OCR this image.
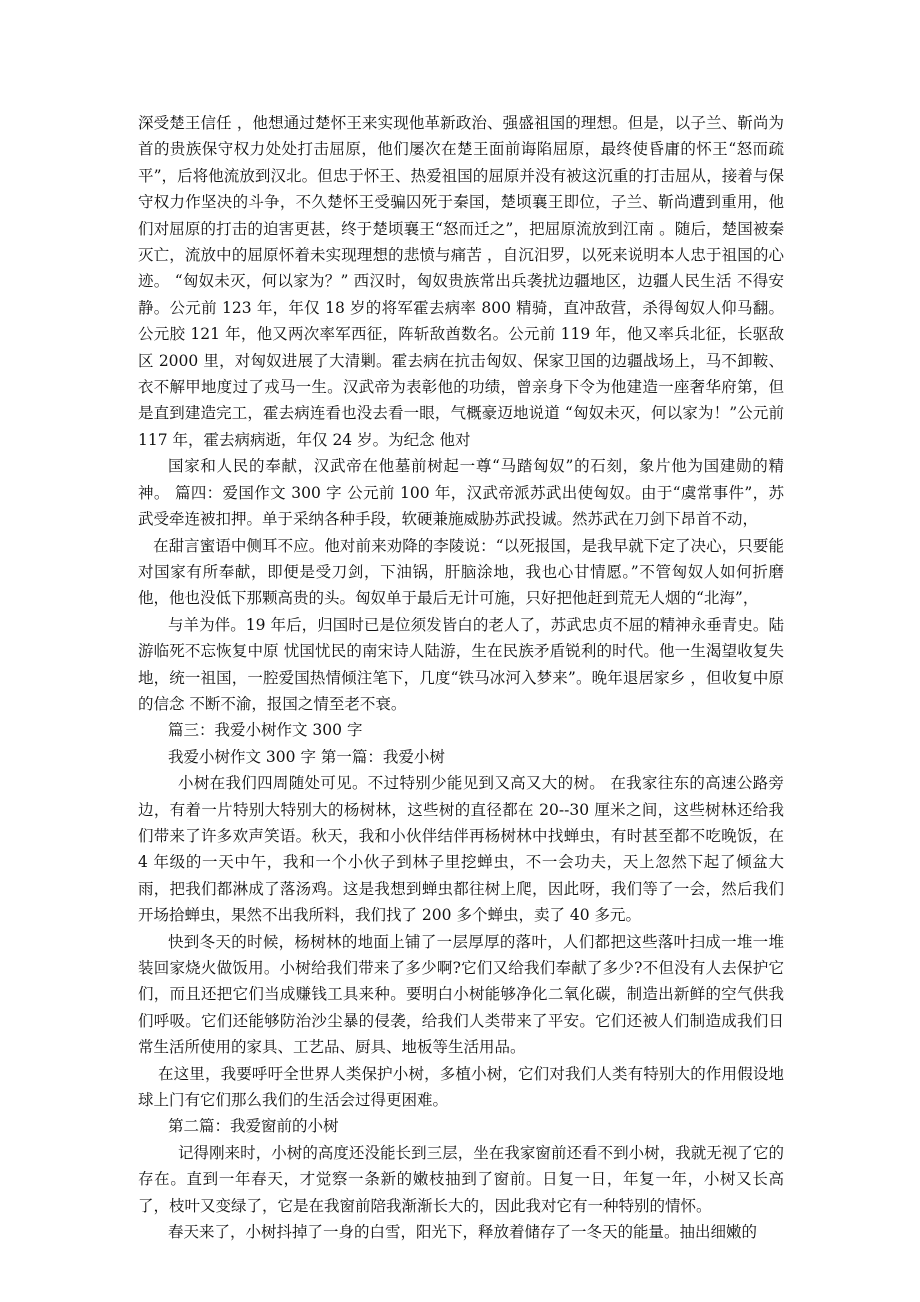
深受楚王信任 ，他想通过楚怀王来实现他革新政治、强盛祖国的理想。但是，以子兰、靳尚为首的贵族保守权力处处打击屈原，他们屡次在楚王面前诲陷屈原，最终使昏庸的怀王“怒而疏平”，后将他流放到汉北。但忠于怀王、热爱祖国的屈原并没有被这沉重的打击屈从，接着与保守权力作坚决的斗争，不久楚怀王受骗囚死于秦国，楚顷襄王即位，子兰、靳尚遭到重用，他们对屈原的打击的迫害更甚，终于楚顷襄王“怒而迁之”，把屈原流放到江南 。随后，楚国被秦灭亡，流放中的屈原怀着未实现理想的悲愤与痛苦 ，自沉汨罗，以死来说明本人忠于祖国的心迹。 “匈奴未灭，何以家为？” 西汉时，匈奴贵族常出兵袭扰边疆地区，边疆人民生活 不得安静。公元前 123 年，年仅 18 岁的将军霍去病率 800 精骑，直冲敌营，杀得匈奴人仰马翻。公元胶 121 年，他又两次率军西征，阵斩敌酋数名。公元前 119 年，他又率兵北征，长驱敌区 2000 里，对匈奴进展了大清剿。霍去病在抗击匈奴、保家卫国的边疆战场上，马不卸鞍、衣不解甲地度过了戎马一生。汉武帝为表彰他的功绩，曾亲身下令为他建造一座奢华府第，但是直到建造完工，霍去病连看也没去看一眼，气概豪迈地说道 “匈奴未灭，何以家为！”公元前 117 年，霍去病病逝，年仅 24 岁。为纪念 他对

国家和人民的奉献，汉武帝在他墓前树起一尊“马踏匈奴”的石刻，象片他为国建勋的精神。 篇四：爱国作文 300 字 公元前 100 年，汉武帝派苏武出使匈奴。由于“虞常事件”，苏武受牵连被扣押。单于采纳各种手段，软硬兼施威胁苏武投诚。然苏武在刀剑下昂首不动，

在甜言蜜语中侧耳不应。他对前来劝降的李陵说：“以死报国，是我早就下定了决心，只要能对国家有所奉献，即便是受刀剑，下油锅，肝脑涂地，我也心甘情愿。”不管匈奴人如何折磨他，他也没低下那颗高贵的头。匈奴单于最后无计可施，只好把他赶到荒无人烟的“北海”，

与羊为伴。19 年后，归国时已是位须发皆白的老人了，苏武忠贞不屈的精神永垂青史。陆游临死不忘恢复中原 忧国忧民的南宋诗人陆游，生在民族矛盾锐利的时代。他一生渴望收复失地，统一祖国，一腔爱国热情倾注笔下，几度“铁马冰河入梦来”。晚年退居家乡 ，但收复中原的信念 不断不渝，报国之情至老不衰。

篇三：我爱小树作文 300 字

我爱小树作文 300 字 第一篇：我爱小树

小树在我们四周随处可见。不过特别少能见到又高又大的树。 在我家往东的高速公路旁边，有着一片特别大特别大的杨树林，这些树的直径都在 20--30 厘米之间，这些树林还给我们带来了许多欢声笑语。秋天，我和小伙伴结伴再杨树林中找蝉虫，有时甚至都不吃晚饭，在 4 年级的一天中午，我和一个小伙子到林子里挖蝉虫，不一会功夫，天上忽然下起了倾盆大雨，把我们都淋成了落汤鸡。这是我想到蝉虫都往树上爬，因此呀，我们等了一会，然后我们开场拾蝉虫，果然不出我所料，我们找了 200 多个蝉虫，卖了 40 多元。

快到冬天的时候，杨树林的地面上铺了一层厚厚的落叶，人们都把这些落叶扫成一堆一堆装回家烧火做饭用。小树给我们带来了多少啊?它们又给我们奉献了多少?不但没有人去保护它们，而且还把它们当成赚钱工具来种。要明白小树能够净化二氧化碳，制造出新鲜的空气供我们呼吸。它们还能够防治沙尘暴的侵袭，给我们人类带来了平安。它们还被人们制造成我们日常生活所使用的家具、工艺品、厨具、地板等生活用品。

在这里，我要呼吁全世界人类保护小树，多植小树，它们对我们人类有特别大的作用假设地球上门有它们那么我们的生活会过得更困难。

第二篇：我爱窗前的小树

记得刚来时，小树的高度还没能长到三层，坐在我家窗前还看不到小树，我就无视了它的存在。直到一年春天，才觉察一条新的嫩枝抽到了窗前。日复一日，年复一年，小树又长高了，枝叶又变绿了，它是在我窗前陪我渐渐长大的，因此我对它有一种特别的情怀。

春天来了，小树抖掉了一身的白雪，阳光下，释放着储存了一冬天的能量。抽出细嫩的
